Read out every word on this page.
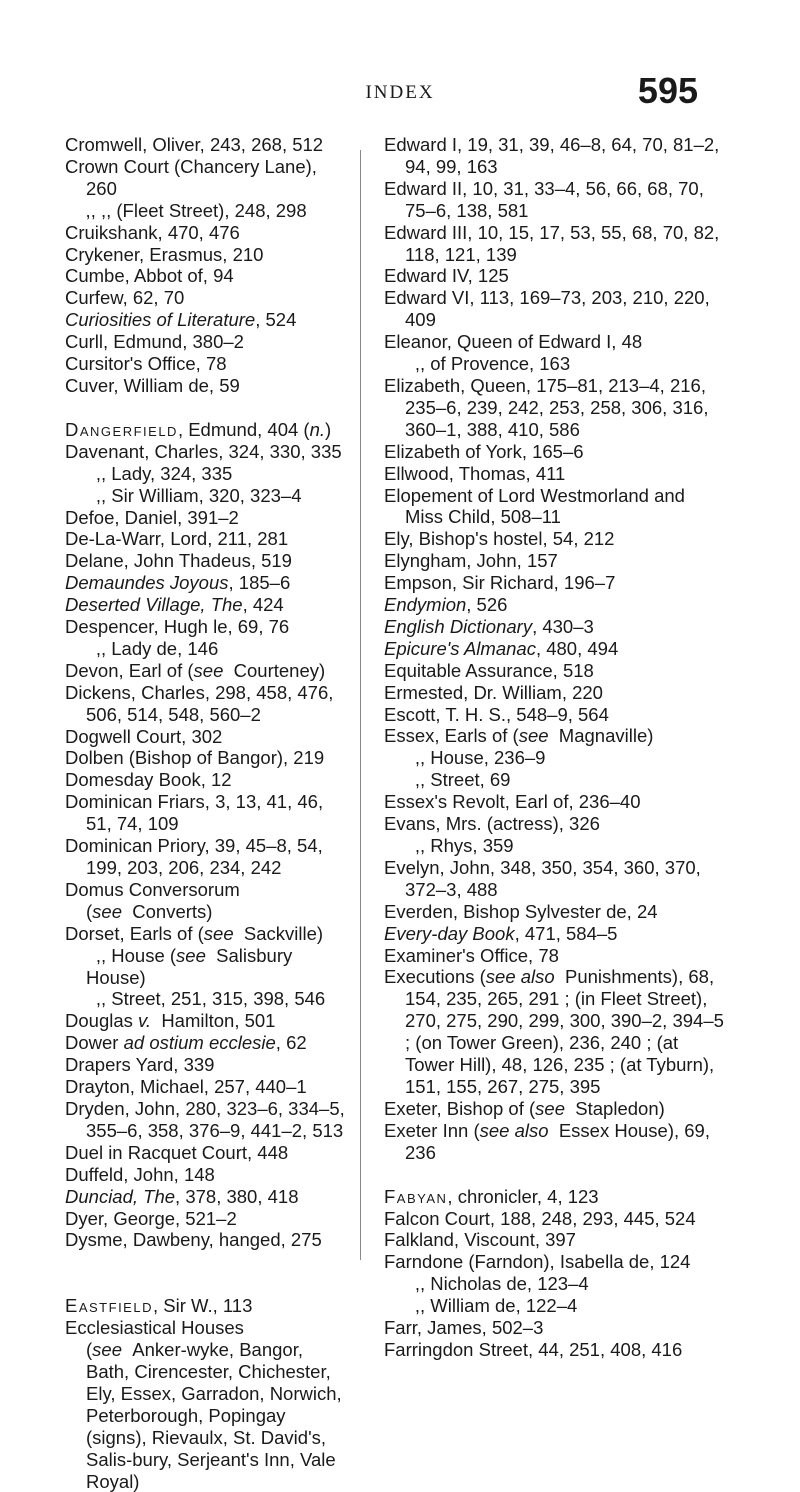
INDEX	595
Cromwell, Oliver, 243, 268, 512
Crown Court (Chancery Lane), 260
,, ,, (Fleet Street), 248, 298
Cruikshank, 470, 476
Crykener, Erasmus, 210
Cumbe, Abbot of, 94
Curfew, 62, 70
Curiosities of Literature, 524
Curll, Edmund, 380–2
Cursitor's Office, 78
Cuver, William de, 59
Dangerfield, Edmund, 404 (n.)
Davenant, Charles, 324, 330, 335
,, Lady, 324, 335
,, Sir William, 320, 323–4
Defoe, Daniel, 391–2
De-La-Warr, Lord, 211, 281
Delane, John Thadeus, 519
Demaundes Joyous, 185–6
Deserted Village, The, 424
Despencer, Hugh le, 69, 76
,, Lady de, 146
Devon, Earl of (see  Courteney)
Dickens, Charles, 298, 458, 476, 506, 514, 548, 560–2
Dogwell Court, 302
Dolben (Bishop of Bangor), 219
Domesday Book, 12
Dominican Friars, 3, 13, 41, 46, 51, 74, 109
Dominican Priory, 39, 45–8, 54, 199, 203, 206, 234, 242
Domus Conversorum (see  Converts)
Dorset, Earls of (see  Sackville)
,, House (see  Salisbury House)
,, Street, 251, 315, 398, 546
Douglas v.  Hamilton, 501
Dower ad ostium ecclesie, 62
Drapers Yard, 339
Drayton, Michael, 257, 440–1
Dryden, John, 280, 323–6, 334–5, 355–6, 358, 376–9, 441–2, 513
Duel in Racquet Court, 448
Duffeld, John, 148
Dunciad, The, 378, 380, 418
Dyer, George, 521–2
Dysme, Dawbeny, hanged, 275
Eastfield, Sir W., 113
Ecclesiastical Houses (see  Anker-wyke, Bangor, Bath, Cirencester, Chichester, Ely, Essex, Garradon, Norwich, Peterborough, Popingay (signs), Rievaulx, St. David's, Salis-bury, Serjeant's Inn, Vale Royal)
Edward I, 19, 31, 39, 46–8, 64, 70, 81–2, 94, 99, 163
Edward II, 10, 31, 33–4, 56, 66, 68, 70, 75–6, 138, 581
Edward III, 10, 15, 17, 53, 55, 68, 70, 82, 118, 121, 139
Edward IV, 125
Edward VI, 113, 169–73, 203, 210, 220, 409
Eleanor, Queen of Edward I, 48
,, of Provence, 163
Elizabeth, Queen, 175–81, 213–4, 216, 235–6, 239, 242, 253, 258, 306, 316, 360–1, 388, 410, 586
Elizabeth of York, 165–6
Ellwood, Thomas, 411
Elopement of Lord Westmorland and Miss Child, 508–11
Ely, Bishop's hostel, 54, 212
Elyngham, John, 157
Empson, Sir Richard, 196–7
Endymion, 526
English Dictionary, 430–3
Epicure's Almanac, 480, 494
Equitable Assurance, 518
Ermested, Dr. William, 220
Escott, T. H. S., 548–9, 564
Essex, Earls of (see  Magnaville)
,, House, 236–9
,, Street, 69
Essex's Revolt, Earl of, 236–40
Evans, Mrs. (actress), 326
,, Rhys, 359
Evelyn, John, 348, 350, 354, 360, 370, 372–3, 488
Everden, Bishop Sylvester de, 24
Every-day Book, 471, 584–5
Examiner's Office, 78
Executions (see also  Punishments), 68, 154, 235, 265, 291 ; (in Fleet Street), 270, 275, 290, 299, 300, 390–2, 394–5 ; (on Tower Green), 236, 240 ; (at Tower Hill), 48, 126, 235 ; (at Tyburn), 151, 155, 267, 275, 395
Exeter, Bishop of (see  Stapledon)
Exeter Inn (see also  Essex House), 69, 236
Fabyan, chronicler, 4, 123
Falcon Court, 188, 248, 293, 445, 524
Falkland, Viscount, 397
Farndone (Farndon), Isabella de, 124
,, Nicholas de, 123–4
,, William de, 122–4
Farr, James, 502–3
Farringdon Street, 44, 251, 408, 416
